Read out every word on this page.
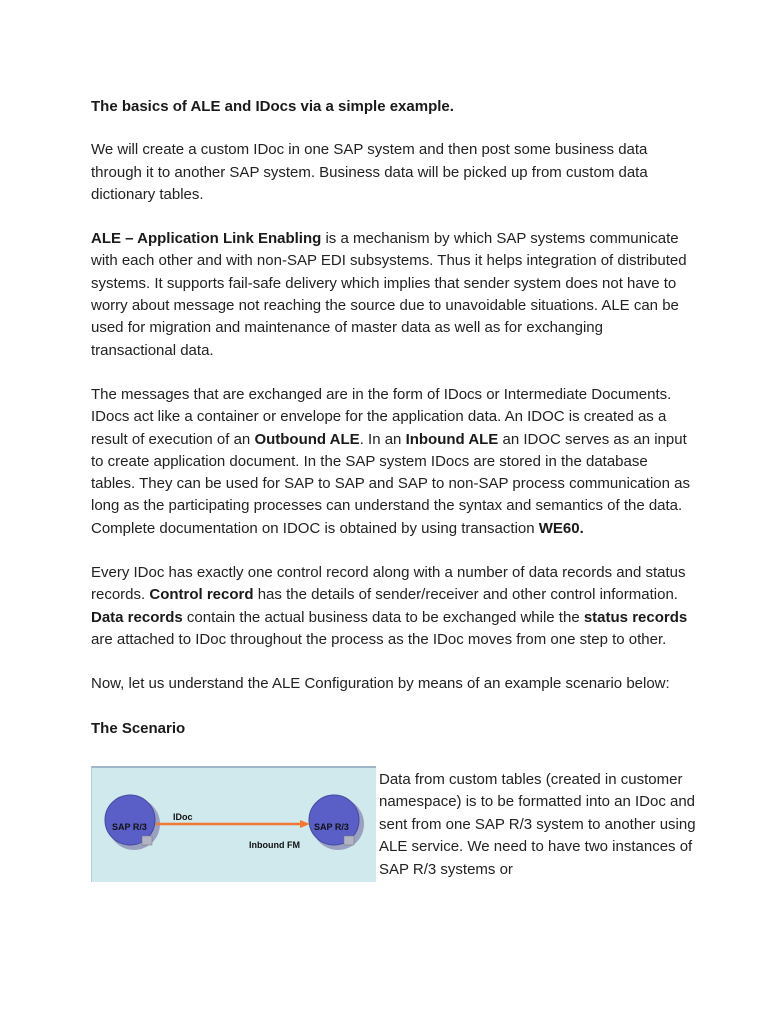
The basics of ALE and IDocs via a simple example.

We will create a custom IDoc in one SAP system and then post some business data through it to another SAP system. Business data will be picked up from custom data dictionary tables.

ALE – Application Link Enabling is a mechanism by which SAP systems communicate with each other and with non-SAP EDI subsystems. Thus it helps integration of distributed systems. It supports fail-safe delivery which implies that sender system does not have to worry about message not reaching the source due to unavoidable situations. ALE can be used for migration and maintenance of master data as well as for exchanging transactional data.

The messages that are exchanged are in the form of IDocs or Intermediate Documents. IDocs act like a container or envelope for the application data. An IDOC is created as a result of execution of an Outbound ALE. In an Inbound ALE an IDOC serves as an input to create application document. In the SAP system IDocs are stored in the database tables. They can be used for SAP to SAP and SAP to non-SAP process communication as long as the participating processes can understand the syntax and semantics of the data. Complete documentation on IDOC is obtained by using transaction WE60.

Every IDoc has exactly one control record along with a number of data records and status records. Control record has the details of sender/receiver and other control information. Data records contain the actual business data to be exchanged while the status records are attached to IDoc throughout the process as the IDoc moves from one step to other.

Now, let us understand the ALE Configuration by means of an example scenario below:

The Scenario

SAP R/3	SAP R/3
IDoc
Inbound FM
Data from custom tables (created in customer namespace) is to be formatted into an IDoc and sent from one SAP R/3 system to another using ALE service. We need to have two instances of SAP R/3 systems or
